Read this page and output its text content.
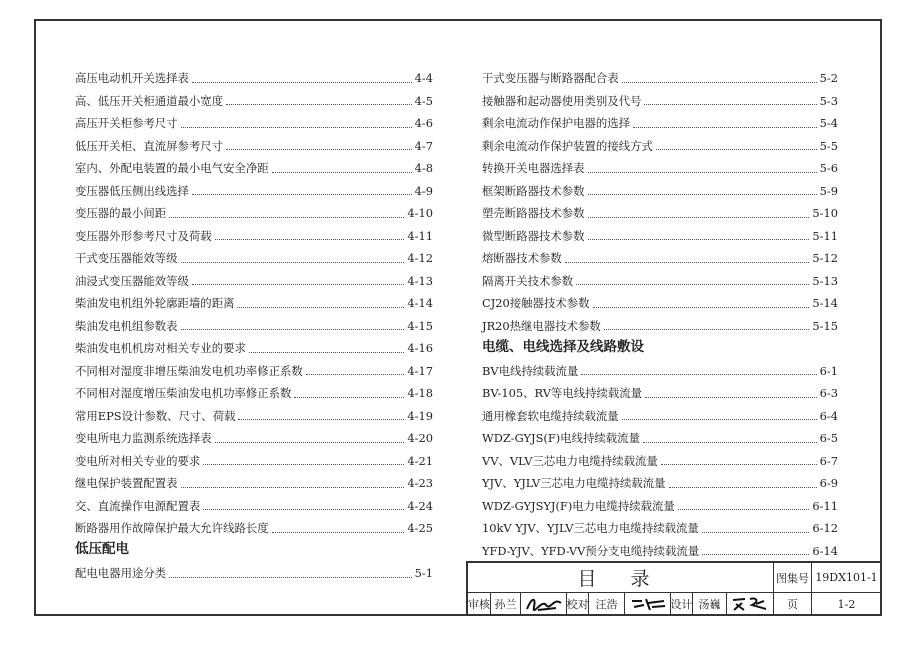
高压电动机开关选择表	4-4
高、低压开关柜通道最小宽度	4-5
高压开关柜参考尺寸	4-6
低压开关柜、直流屏参考尺寸	4-7
室内、外配电装置的最小电气安全净距	4-8
变压器低压侧出线选择	4-9
变压器的最小间距	4-10
变压器外形参考尺寸及荷载	4-11
干式变压器能效等级	4-12
油浸式变压器能效等级	4-13
柴油发电机组外轮廓距墙的距离	4-14
柴油发电机组参数表	4-15
柴油发电机机房对相关专业的要求	4-16
不同相对湿度非增压柴油发电机功率修正系数	4-17
不同相对湿度增压柴油发电机功率修正系数	4-18
常用EPS设计参数、尺寸、荷载	4-19
变电所电力监测系统选择表	4-20
变电所对相关专业的要求	4-21
继电保护装置配置表	4-23
交、直流操作电源配置表	4-24
断路器用作故障保护最大允许线路长度	4-25
低压配电
配电电器用途分类	5-1
干式变压器与断路器配合表	5-2
接触器和起动器使用类别及代号	5-3
剩余电流动作保护电器的选择	5-4
剩余电流动作保护装置的接线方式	5-5
转换开关电器选择表	5-6
框架断路器技术参数	5-9
塑壳断路器技术参数	5-10
微型断路器技术参数	5-11
熔断器技术参数	5-12
隔离开关技术参数	5-13
CJ20接触器技术参数	5-14
JR20热继电器技术参数	5-15
电缆、电线选择及线路敷设
BV电线持续载流量	6-1
BV-105、RV等电线持续载流量	6-3
通用橡套软电缆持续载流量	6-4
WDZ-GYJS(F)电线持续载流量	6-5
VV、VLV三芯电力电缆持续载流量	6-7
YJV、YJLV三芯电力电缆持续载流量	6-9
WDZ-GYJSYJ(F)电力电缆持续载流量	6-11
10kV YJV、YJLV三芯电力电缆持续载流量	6-12
YFD-YJV、YFD-VV预分支电缆持续载流量	6-14
目 录	图集号 19DX101-1
审核 孙兰	校对 汪浩	设计 汤巍	页	1-2
